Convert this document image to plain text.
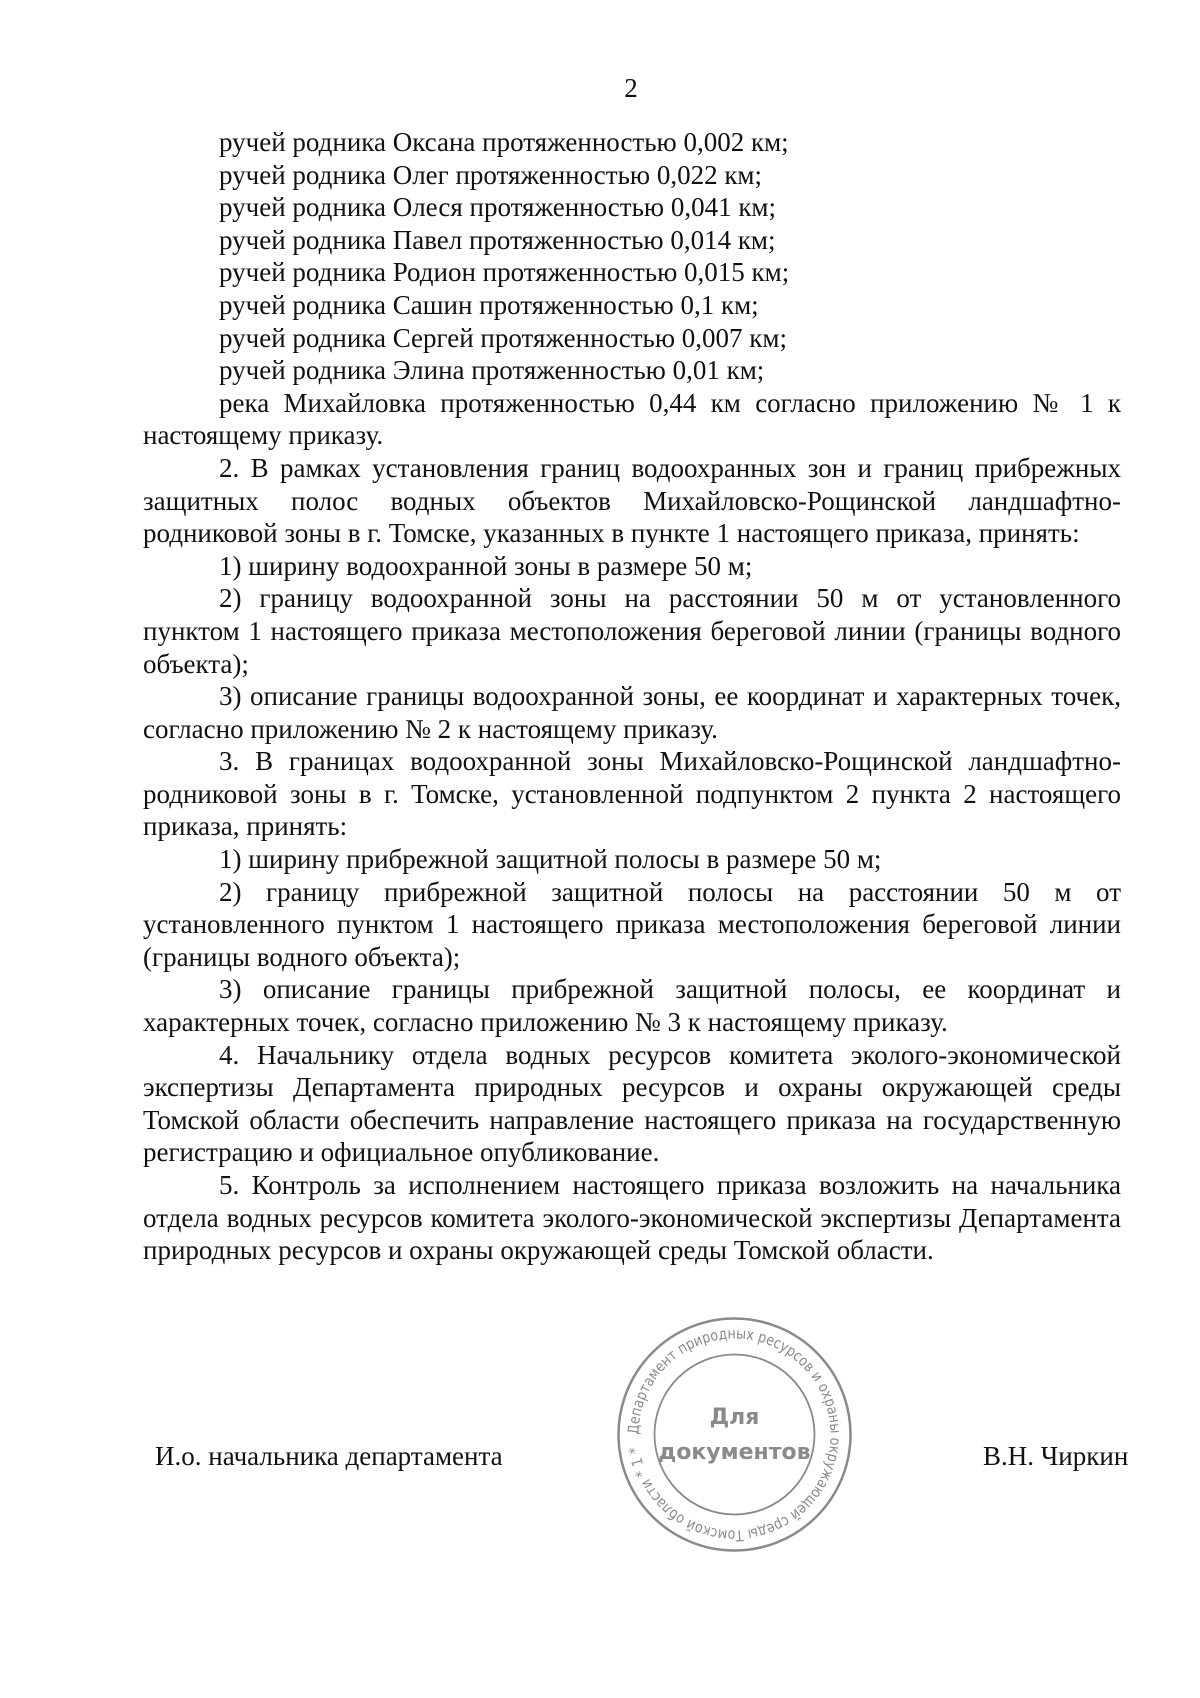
2

ручей родника Оксана протяженностью 0,002 км;

ручей родника Олег протяженностью 0,022 км;

ручей родника Олеся протяженностью 0,041 км;

ручей родника Павел протяженностью 0,014 км;

ручей родника Родион протяженностью 0,015 км;

ручей родника Сашин протяженностью 0,1 км;

ручей родника Сергей протяженностью 0,007 км;

ручей родника Элина протяженностью 0,01 км;

река Михайловка протяженностью 0,44 км согласно приложению № 1 к настоящему приказу.

2. В рамках установления границ водоохранных зон и границ прибрежных защитных полос водных объектов Михайловско-Рощинской ландшафтно-родниковой зоны в г. Томске, указанных в пункте 1 настоящего приказа, принять:

1) ширину водоохранной зоны в размере 50 м;

2) границу водоохранной зоны на расстоянии 50 м от установленного пунктом 1 настоящего приказа местоположения береговой линии (границы водного объекта);

3) описание границы водоохранной зоны, ее координат и характерных точек, согласно приложению № 2 к настоящему приказу.

3. В границах водоохранной зоны Михайловско-Рощинской ландшафтно-родниковой зоны в г. Томске, установленной подпунктом 2 пункта 2 настоящего приказа, принять:

1) ширину прибрежной защитной полосы в размере 50 м;

2) границу прибрежной защитной полосы на расстоянии 50 м от установленного пунктом 1 настоящего приказа местоположения береговой линии (границы водного объекта);

3) описание границы прибрежной защитной полосы, ее координат и характерных точек, согласно приложению № 3 к настоящему приказу.

4. Начальнику отдела водных ресурсов комитета эколого-экономической экспертизы Департамента природных ресурсов и охраны окружающей среды Томской области обеспечить направление настоящего приказа на государственную регистрацию и официальное опубликование.

5. Контроль за исполнением настоящего приказа возложить на начальника отдела водных ресурсов комитета эколого-экономической экспертизы Департамента природных ресурсов и охраны окружающей среды Томской области.

И.о. начальника департамента	В.Н. Чиркин
Департамент природных ресурсов и охраны окружающей среды Томской области * 1 *
Для
документов
